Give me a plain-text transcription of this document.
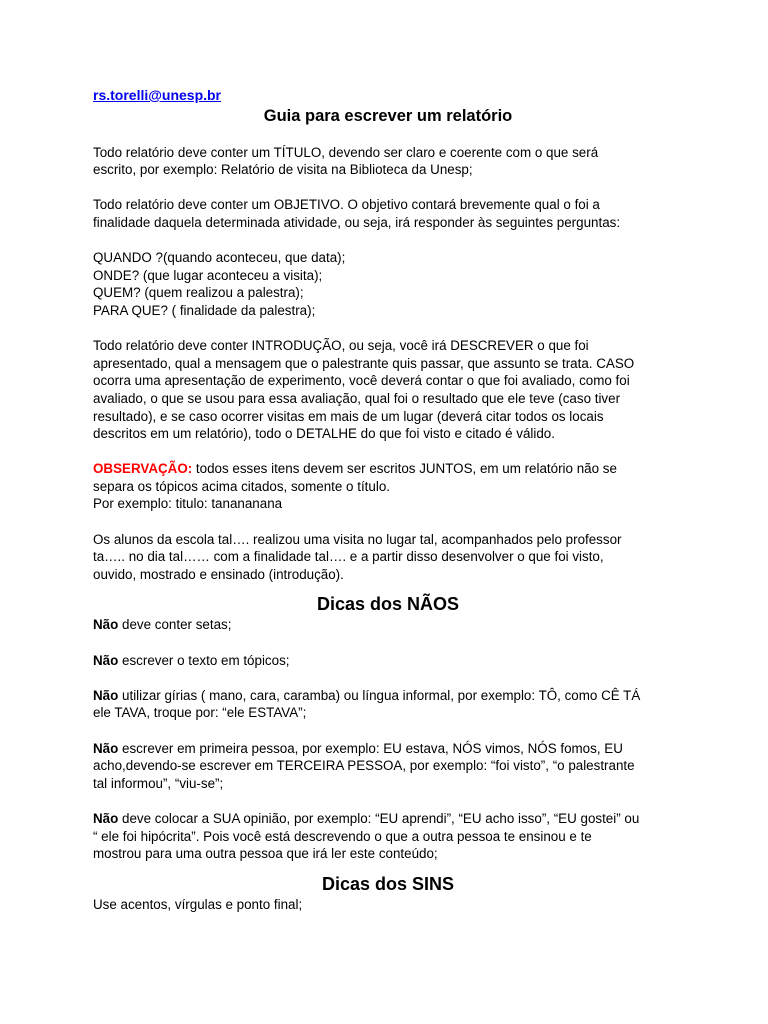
rs.torelli@unesp.br
Guia para escrever um relatório

Todo relatório deve conter um TÍTULO, devendo ser claro e coerente com o que será
escrito, por exemplo: Relatório de visita na Biblioteca da Unesp;

Todo relatório deve conter um OBJETIVO. O objetivo contará brevemente qual o foi a
finalidade daquela determinada atividade, ou seja, irá responder às seguintes perguntas:

QUANDO ?(quando aconteceu, que data);
ONDE? (que lugar aconteceu a visita);
QUEM? (quem realizou a palestra);
PARA QUE? ( finalidade da palestra);

Todo relatório deve conter INTRODUÇÃO, ou seja, você irá DESCREVER o que foi
apresentado, qual a mensagem que o palestrante quis passar, que assunto se trata. CASO
ocorra uma apresentação de experimento, você deverá contar o que foi avaliado, como foi
avaliado, o que se usou para essa avaliação, qual foi o resultado que ele teve (caso tiver
resultado), e se caso ocorrer visitas em mais de um lugar (deverá citar todos os locais
descritos em um relatório), todo o DETALHE do que foi visto e citado é válido.

OBSERVAÇÃO: todos esses itens devem ser escritos JUNTOS, em um relatório não se
separa os tópicos acima citados, somente o título.
Por exemplo: titulo: tanananana

Os alunos da escola tal…. realizou uma visita no lugar tal, acompanhados pelo professor
ta….. no dia tal…… com a finalidade tal…. e a partir disso desenvolver o que foi visto,
ouvido, mostrado e ensinado (introdução).

Dicas dos NÃOS

Não deve conter setas;

Não escrever o texto em tópicos;

Não utilizar gírias ( mano, cara, caramba) ou língua informal, por exemplo: TÔ, como CÊ TÁ
ele TAVA, troque por: “ele ESTAVA”;

Não escrever em primeira pessoa, por exemplo: EU estava, NÓS vimos, NÓS fomos, EU
acho,devendo-se escrever em TERCEIRA PESSOA, por exemplo: “foi visto”, “o palestrante
tal informou”, “viu-se”;

Não deve colocar a SUA opinião, por exemplo: “EU aprendi”, “EU acho isso”, “EU gostei” ou
“ ele foi hipócrita”. Pois você está descrevendo o que a outra pessoa te ensinou e te
mostrou para uma outra pessoa que irá ler este conteúdo;

Dicas dos SINS

Use acentos, vírgulas e ponto final;
